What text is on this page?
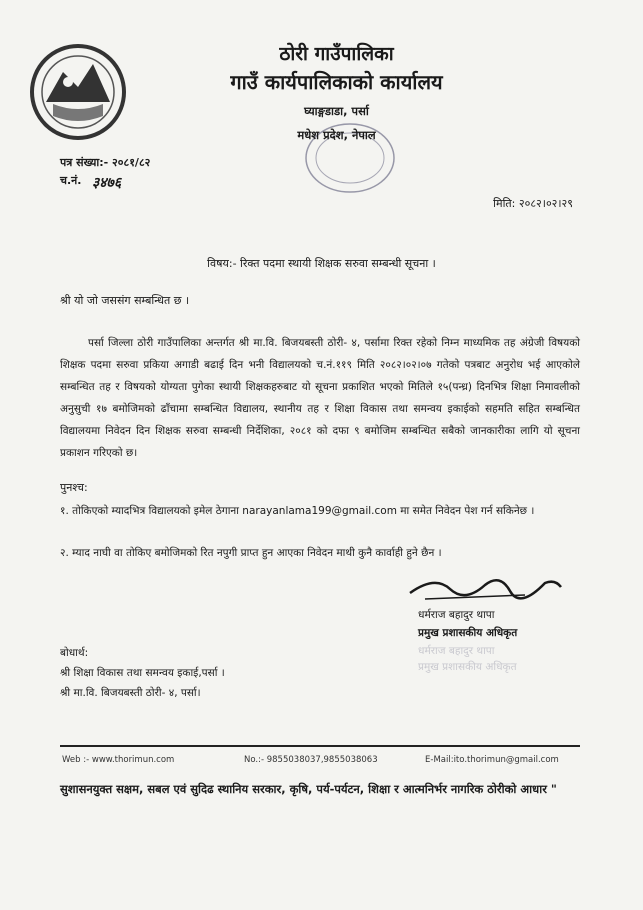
ठोरी गाउँपालिका
गाउँ कार्यपालिकाको कार्यालय
घ्याङ्गडाडा, पर्सा
मधेश प्रदेश, नेपाल
पत्र संख्या:- २०८१/८२
च.नं. ३४७६
मिति: २०८२।०२।२९
विषय:- रिक्त पदमा स्थायी शिक्षक सरुवा सम्बन्धी सूचना ।
श्री यो जो जससंग सम्बन्धित छ ।
पर्सा जिल्ला ठोरी गाउँपालिका अन्तर्गत श्री मा.वि. बिजयबस्ती ठोरी- ४, पर्सामा रिक्त रहेको निम्न माध्यमिक तह अंग्रेजी विषयको शिक्षक पदमा सरुवा प्रकिया अगाडी बढाई दिन भनी विद्यालयको च.नं.११९ मिति २०८२।०२।०७ गतेको पत्रबाट अनुरोध भई आएकोले सम्बन्धित तह र विषयको योग्यता पुगेका स्थायी शिक्षकहरुबाट यो सूचना प्रकाशित भएको मितिले १५(पन्ध्र) दिनभित्र शिक्षा निमावलीको अनुसुची १७ बमोजिमको ढाँचामा सम्बन्धित विद्यालय, स्थानीय तह र शिक्षा विकास तथा समन्वय इकाईको सहमति सहित सम्बन्धित विद्यालयमा निवेदन दिन शिक्षक सरुवा सम्बन्धी निर्देशिका, २०८१ को दफा ९ बमोजिम सम्बन्धित सबैको जानकारीका लागि यो सूचना प्रकाशन गरिएको छ।
पुनश्च:
१. तोकिएको म्यादभित्र विद्यालयको इमेल ठेगाना narayanlama199@gmail.com मा समेत निवेदन पेश गर्न सकिनेछ ।
२. म्याद नाघी वा तोकिए बमोजिमको रित नपुगी प्राप्त हुन आएका निवेदन माथी कुनै कार्वाही हुने छैन ।
धर्मराज बहादुर थापा
प्रमुख प्रशासकीय अधिकृत
धर्मराज बहादुर थापा
प्रमुख प्रशासकीय अधिकृत
बोधार्थ:
श्री शिक्षा विकास तथा समन्वय इकाई,पर्सा ।
श्री मा.वि. बिजयबस्ती ठोरी- ४, पर्सा।
Web :- www.thorimun.com	No.:- 9855038037,9855038063	E-Mail:ito.thorimun@gmail.com
सुशासनयुक्त सक्षम, सबल एवं सुदिढ स्थानिय सरकार, कृषि, पर्य-पर्यटन, शिक्षा र आत्मनिर्भर नागरिक ठोरीको आधार "
